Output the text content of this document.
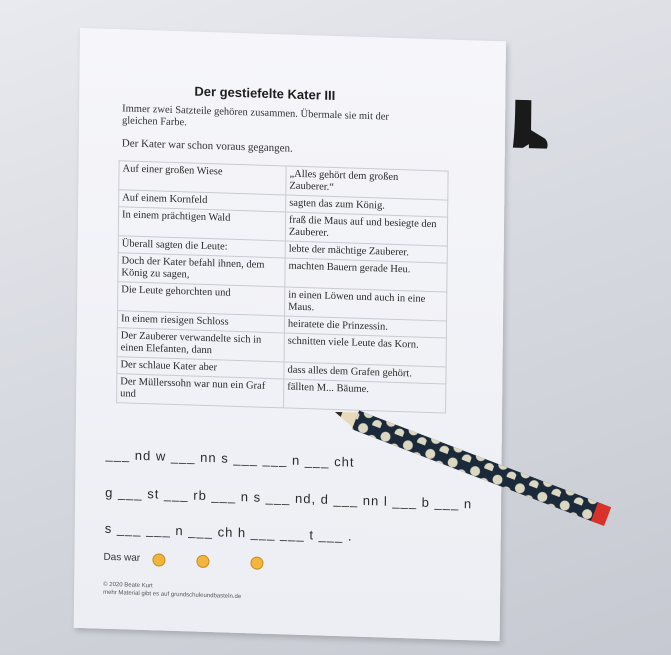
Der gestiefelte Kater III
Immer zwei Satzteile gehören zusammen. Übermale sie mit der gleichen Farbe.
Der Kater war schon voraus gegangen.
Auf einer großen Wiese	„Alles gehört dem großen Zauberer.“
Auf einem Kornfeld	sagten das zum König.
In einem prächtigen Wald	fraß die Maus auf und besiegte den Zauberer.
Überall sagten die Leute:	lebte der mächtige Zauberer.
Doch der Kater befahl ihnen, dem König zu sagen,	machten Bauern gerade Heu.
Die Leute gehorchten und	in einen Löwen und auch in eine Maus.
In einem riesigen Schloss	heiratete die Prinzessin.
Der Zauberer verwandelte sich in einen Elefanten, dann	schnitten viele Leute das Korn.
Der schlaue Kater aber	dass alles dem Grafen gehört.
Der Müllerssohn war nun ein Graf und	fällten M... Bäume.
___ nd w ___ nn s ___ ___ n ___ cht
g ___ st ___ rb ___ n s ___ nd, d ___ nn l ___ b ___ n
s ___ ___ n ___ ch h ___ ___ t ___ .
Das war
© 2020 Beate Kurt
mehr Material gibt es auf grundschuleundbasteln.de
